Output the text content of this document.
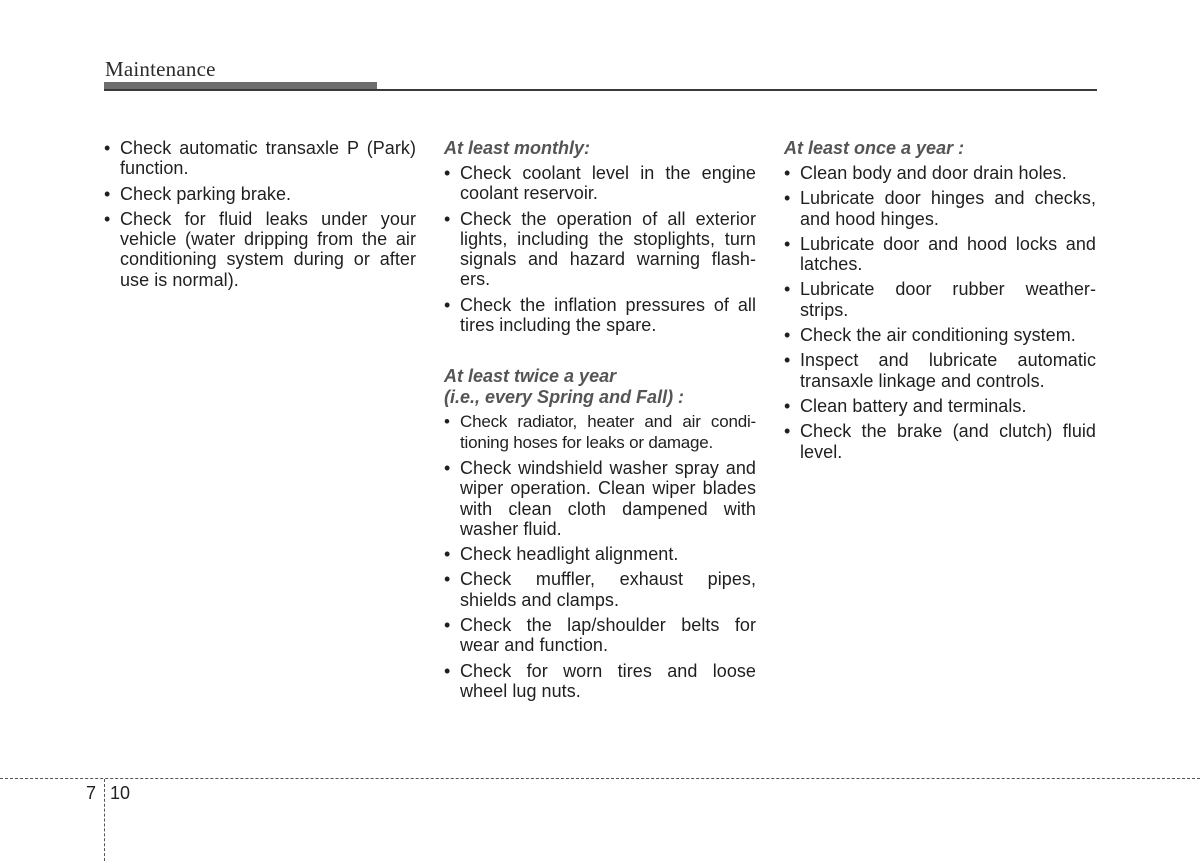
Maintenance
• Check automatic transaxle P (Park) function.
• Check parking brake.
• Check for fluid leaks under your vehicle (water dripping from the air conditioning system during or after use is normal).
At least monthly:
• Check coolant level in the engine coolant reservoir.
• Check the operation of all exterior lights, including the stoplights, turn signals and hazard warning flash-ers.
• Check the inflation pressures of all tires including the spare.
At least twice a year
(i.e., every Spring and Fall) :
• Check radiator, heater and air condi-tioning hoses for leaks or damage.
• Check windshield washer spray and wiper operation. Clean wiper blades with clean cloth dampened with washer fluid.
• Check headlight alignment.
• Check muffler, exhaust pipes, shields and clamps.
• Check the lap/shoulder belts for wear and function.
• Check for worn tires and loose wheel lug nuts.
At least once a year :
• Clean body and door drain holes.
• Lubricate door hinges and checks, and hood hinges.
• Lubricate door and hood locks and latches.
• Lubricate door rubber weather-strips.
• Check the air conditioning system.
• Inspect and lubricate automatic transaxle linkage and controls.
• Clean battery and terminals.
• Check the brake (and clutch) fluid level.
7 10
